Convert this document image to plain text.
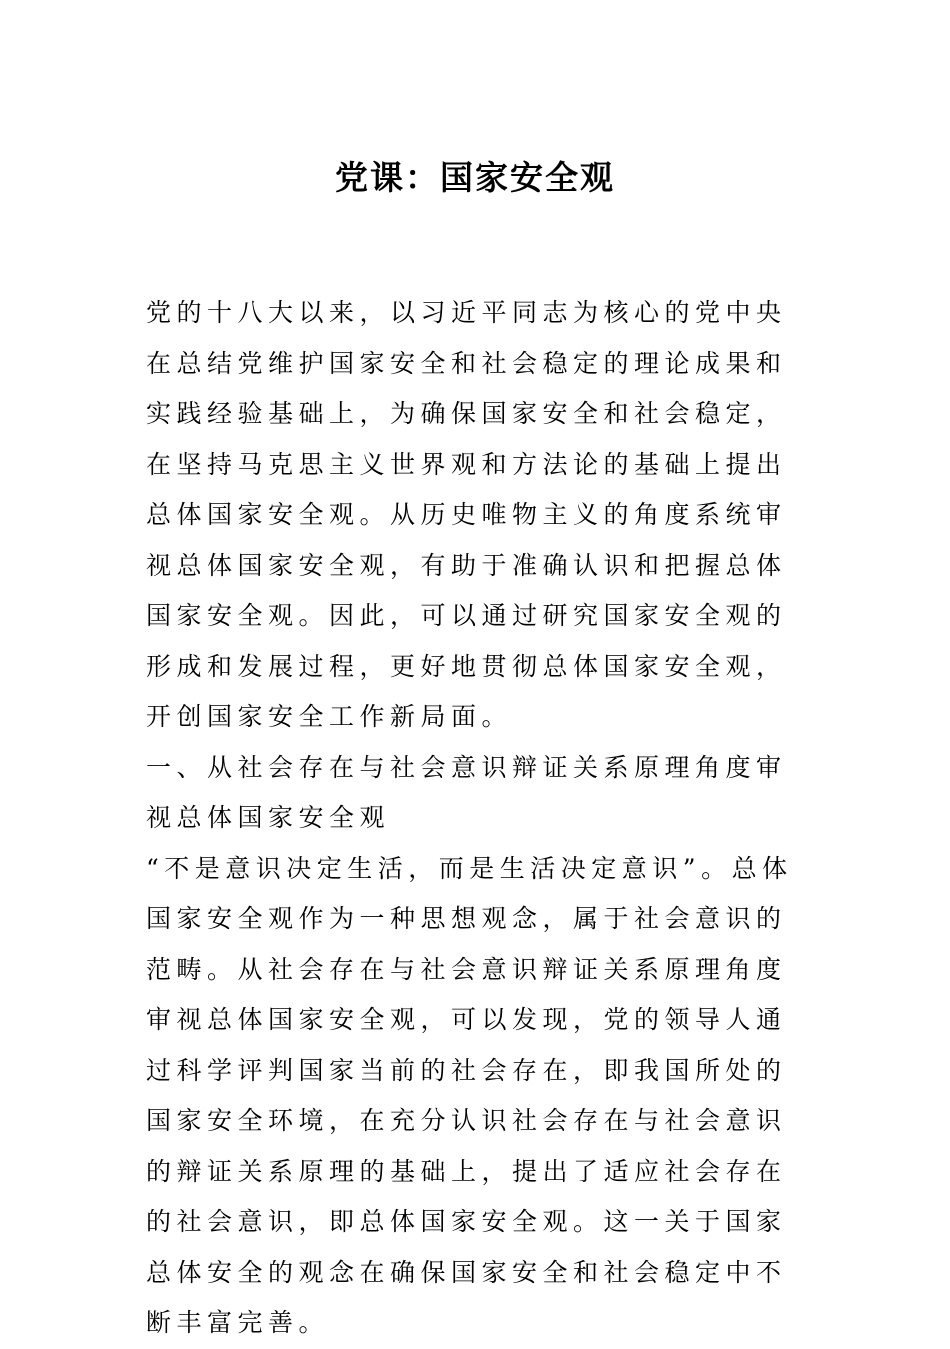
党课：国家安全观

党的十八大以来，以习近平同志为核心的党中央在总结党维护国家安全和社会稳定的理论成果和实践经验基础上，为确保国家安全和社会稳定，在坚持马克思主义世界观和方法论的基础上提出总体国家安全观。从历史唯物主义的角度系统审视总体国家安全观，有助于准确认识和把握总体国家安全观。因此，可以通过研究国家安全观的形成和发展过程，更好地贯彻总体国家安全观，开创国家安全工作新局面。

一、从社会存在与社会意识辩证关系原理角度审视总体国家安全观

“不是意识决定生活，而是生活决定意识”。总体国家安全观作为一种思想观念，属于社会意识的范畴。从社会存在与社会意识辩证关系原理角度审视总体国家安全观，可以发现，党的领导人通过科学评判国家当前的社会存在，即我国所处的国家安全环境，在充分认识社会存在与社会意识的辩证关系原理的基础上，提出了适应社会存在的社会意识，即总体国家安全观。这一关于国家总体安全的观念在确保国家安全和社会稳定中不断丰富完善。
